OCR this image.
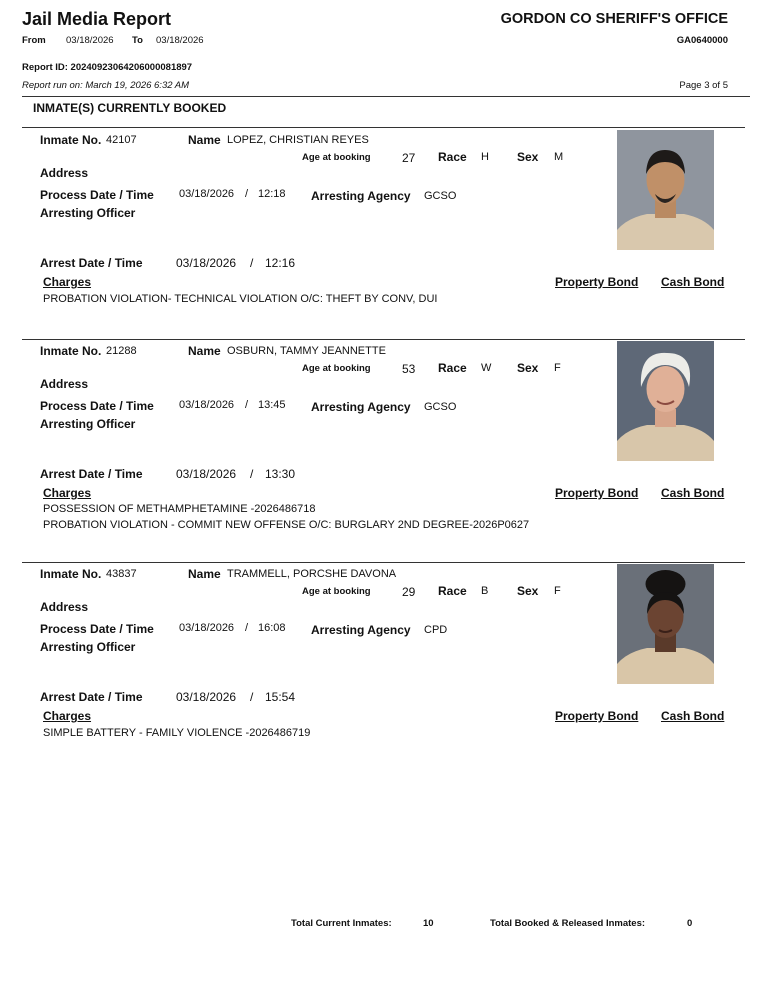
Jail Media Report	GORDON CO SHERIFF'S OFFICE
GA0640000
From 03/18/2026 To 03/18/2026
Report ID: 20240923064206000081897
Report run on: March 19, 2026 6:32 AM	Page 3 of 5
INMATE(S) CURRENTLY BOOKED
Inmate No. 42107	Name LOPEZ, CHRISTIAN REYES
Age at booking	27 Race H Sex M
Address
Process Date / Time 03/18/2026 / 12:18 Arresting Agency GCSO
Arresting Officer
Arrest Date / Time	03/18/2026 / 12:16
Charges	Property Bond Cash Bond
PROBATION VIOLATION- TECHNICAL VIOLATION O/C: THEFT BY CONV, DUI
Inmate No. 21288	Name OSBURN, TAMMY JEANNETTE
Age at booking	53 Race W Sex F
Address
Process Date / Time 03/18/2026 / 13:45 Arresting Agency GCSO
Arresting Officer
Arrest Date / Time	03/18/2026 / 13:30
Charges	Property Bond Cash Bond
POSSESSION OF METHAMPHETAMINE -2026486718
PROBATION VIOLATION - COMMIT NEW OFFENSE O/C: BURGLARY 2ND DEGREE-2026P0627
Inmate No. 43837	Name TRAMMELL, PORCSHE DAVONA
Age at booking	29 Race B Sex F
Address
Process Date / Time 03/18/2026 / 16:08 Arresting Agency CPD
Arresting Officer
Arrest Date / Time	03/18/2026 / 15:54
Charges	Property Bond Cash Bond
SIMPLE BATTERY - FAMILY VIOLENCE -2026486719
Total Current Inmates:	10	Total Booked & Released Inmates:	0
